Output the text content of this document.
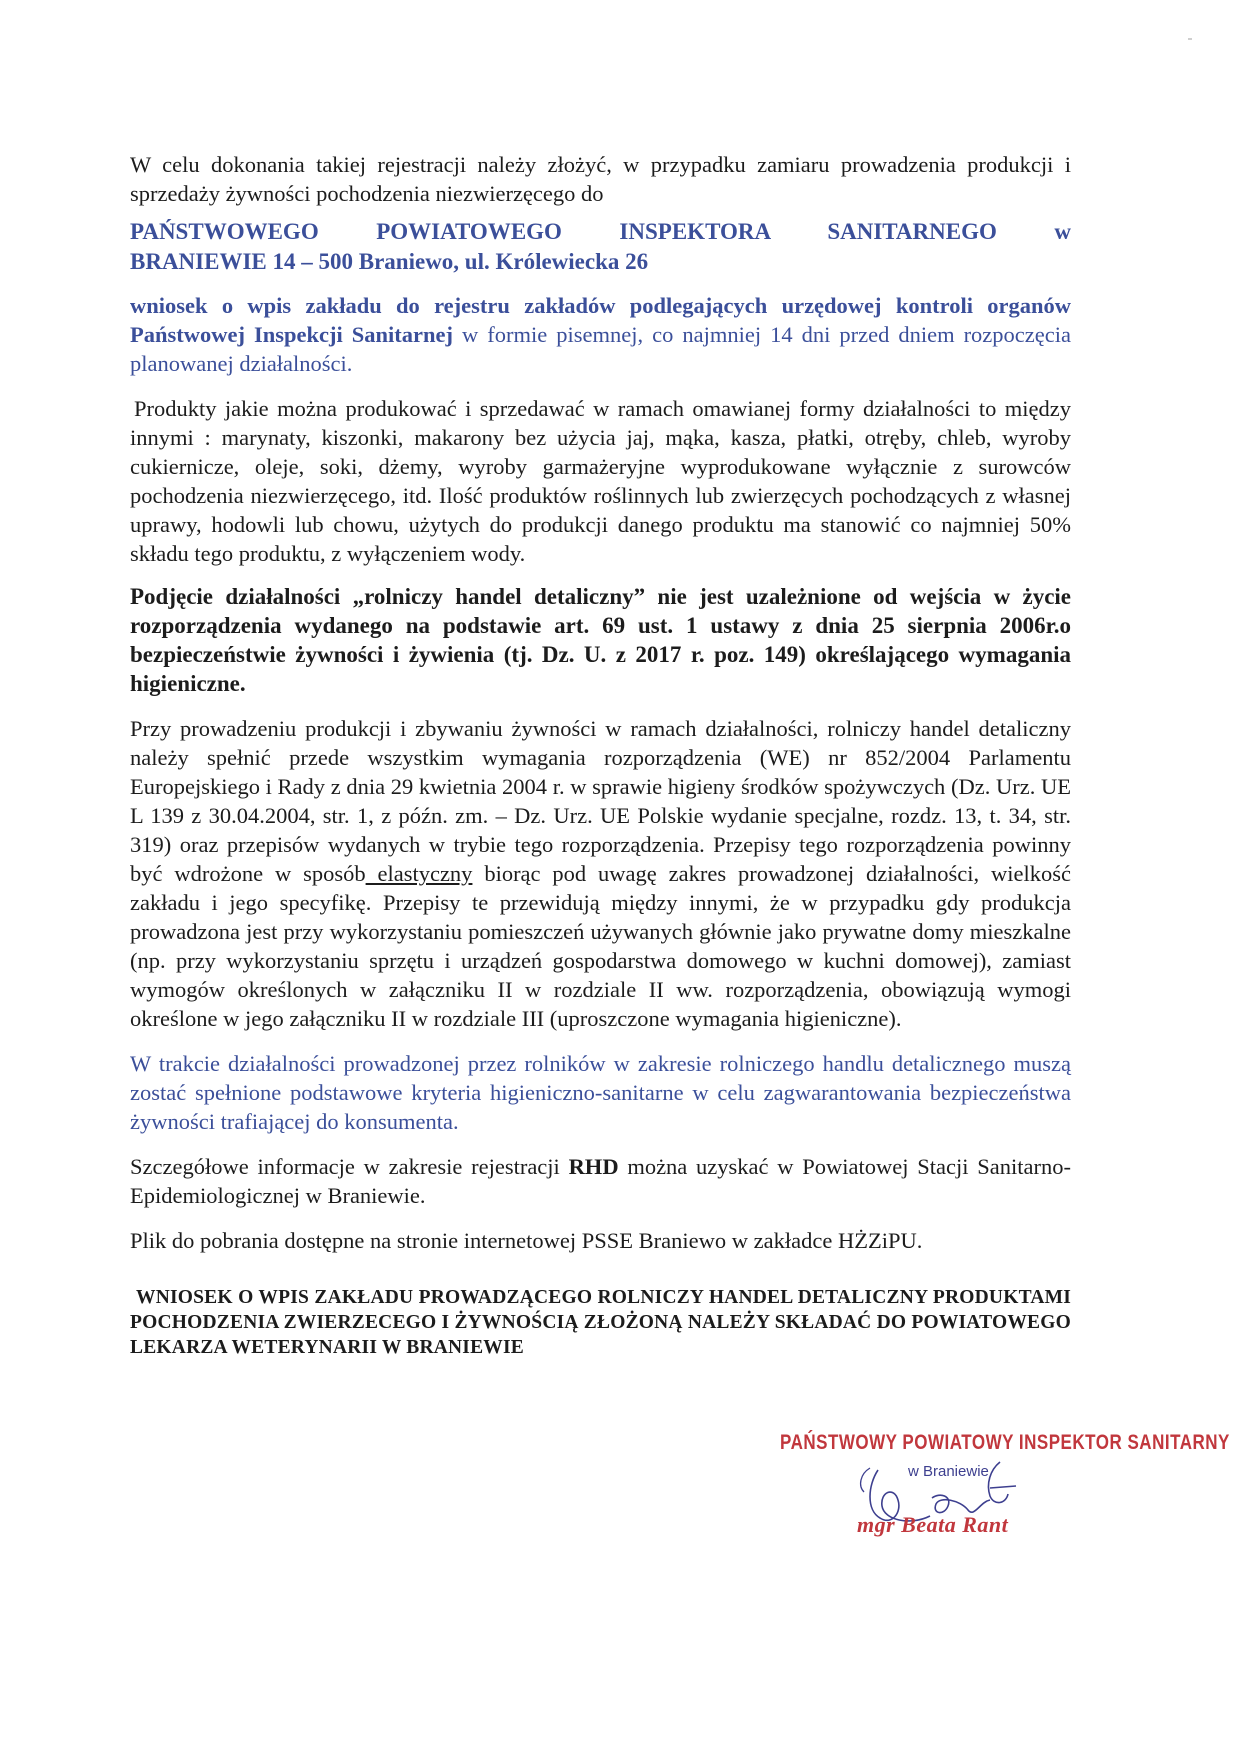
W celu dokonania takiej rejestracji należy złożyć, w przypadku zamiaru prowadzenia produkcji i sprzedaży żywności pochodzenia niezwierzęcego do

PAŃSTWOWEGO POWIATOWEGO INSPEKTORA SANITARNEGO w
BRANIEWIE 14 – 500 Braniewo, ul. Królewiecka 26

wniosek o wpis zakładu do rejestru zakładów podlegających urzędowej kontroli organów Państwowej Inspekcji Sanitarnej w formie pisemnej, co najmniej 14 dni przed dniem rozpoczęcia planowanej działalności.

Produkty jakie można produkować i sprzedawać w ramach omawianej formy działalności to między innymi : marynaty, kiszonki, makarony bez użycia jaj, mąka, kasza, płatki, otręby, chleb, wyroby cukiernicze, oleje, soki, dżemy, wyroby garmażeryjne wyprodukowane wyłącznie z surowców pochodzenia niezwierzęcego, itd. Ilość produktów roślinnych lub zwierzęcych pochodzących z własnej uprawy, hodowli lub chowu, użytych do produkcji danego produktu ma stanowić co najmniej 50% składu tego produktu, z wyłączeniem wody.

Podjęcie działalności „rolniczy handel detaliczny” nie jest uzależnione od wejścia w życie rozporządzenia wydanego na podstawie art. 69 ust. 1 ustawy z dnia 25 sierpnia 2006r.o bezpieczeństwie żywności i żywienia (tj. Dz. U. z 2017 r. poz. 149) określającego wymagania higieniczne.

Przy prowadzeniu produkcji i zbywaniu żywności w ramach działalności, rolniczy handel detaliczny należy spełnić przede wszystkim wymagania rozporządzenia (WE) nr 852/2004 Parlamentu Europejskiego i Rady z dnia 29 kwietnia 2004 r. w sprawie higieny środków spożywczych (Dz. Urz. UE L 139 z 30.04.2004, str. 1, z późn. zm. – Dz. Urz. UE Polskie wydanie specjalne, rozdz. 13, t. 34, str. 319) oraz przepisów wydanych w trybie tego rozporządzenia. Przepisy tego rozporządzenia powinny być wdrożone w sposób elastyczny biorąc pod uwagę zakres prowadzonej działalności, wielkość zakładu i jego specyfikę. Przepisy te przewidują między innymi, że w przypadku gdy produkcja prowadzona jest przy wykorzystaniu pomieszczeń używanych głównie jako prywatne domy mieszkalne (np. przy wykorzystaniu sprzętu i urządzeń gospodarstwa domowego w kuchni domowej), zamiast wymogów określonych w załączniku II w rozdziale II ww. rozporządzenia, obowiązują wymogi określone w jego załączniku II w rozdziale III (uproszczone wymagania higieniczne).

W trakcie działalności prowadzonej przez rolników w zakresie rolniczego handlu detalicznego muszą zostać spełnione podstawowe kryteria higieniczno-sanitarne w celu zagwarantowania bezpieczeństwa żywności trafiającej do konsumenta.

Szczegółowe informacje w zakresie rejestracji RHD można uzyskać w Powiatowej Stacji Sanitarno-Epidemiologicznej w Braniewie.

Plik do pobrania dostępne na stronie internetowej PSSE Braniewo w zakładce HŻZiPU.

WNIOSEK O WPIS ZAKŁADU PROWADZĄCEGO ROLNICZY HANDEL DETALICZNY PRODUKTAMI POCHODZENIA ZWIERZECEGO I ŻYWNOŚCIĄ ZŁOŻONĄ NALEŻY SKŁADAĆ DO POWIATOWEGO LEKARZA WETERYNARII W BRANIEWIE

PAŃSTWOWY POWIATOWY INSPEKTOR SANITARNY
w Braniewie
mgr Beata Rant
